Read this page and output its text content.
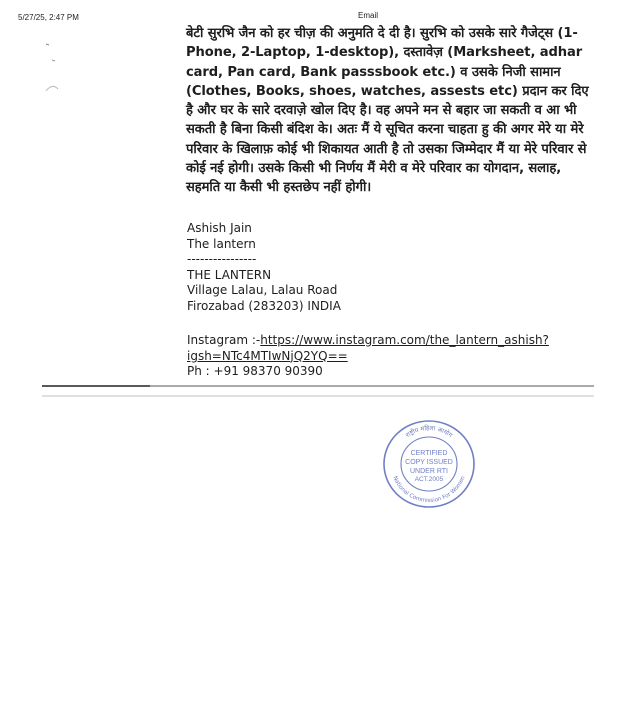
5/27/25, 2:47 PM	Email

बेटी सुरभि जैन को हर चीज़ की अनुमति दे दी है। सुरभि को उसके सारे गैजेट्स (1-Phone, 2-Laptop, 1-desktop), दस्तावेज़ (Marksheet, adhar card, Pan card, Bank passsbook etc.) व उसके निजी सामान (Clothes, Books, shoes, watches, assests etc) प्रदान कर दिए है और घर के सारे दरवाज़े खोल दिए है। वह अपने मन से बहार जा सकती व आ भी सकती है बिना किसी बंदिश के। अतः मैं ये सूचित करना चाहता हु की अगर मेरे या मेरे परिवार के खिलाफ़ कोई भी शिकायत आती है तो उसका जिम्मेदार मैं या मेरे परिवार से कोई नई होगी। उसके किसी भी निर्णय मैं मेरी व मेरे परिवार का योगदान, सलाह, सहमति या कैसी भी हस्तछेप नहीं होगी।

Ashish Jain
The lantern
----------------
THE LANTERN
Village Lalau, Lalau Road
Firozabad (283203) INDIA
Instagram :-https://www.instagram.com/the_lantern_ashish?
igsh=NTc4MTIwNjQ2YQ==
Ph : +91 98370 90390
राष्ट्रीय महिला आयोग
National Commission For Women
CERTIFIED
COPY ISSUED
UNDER RTI
ACT.2005
